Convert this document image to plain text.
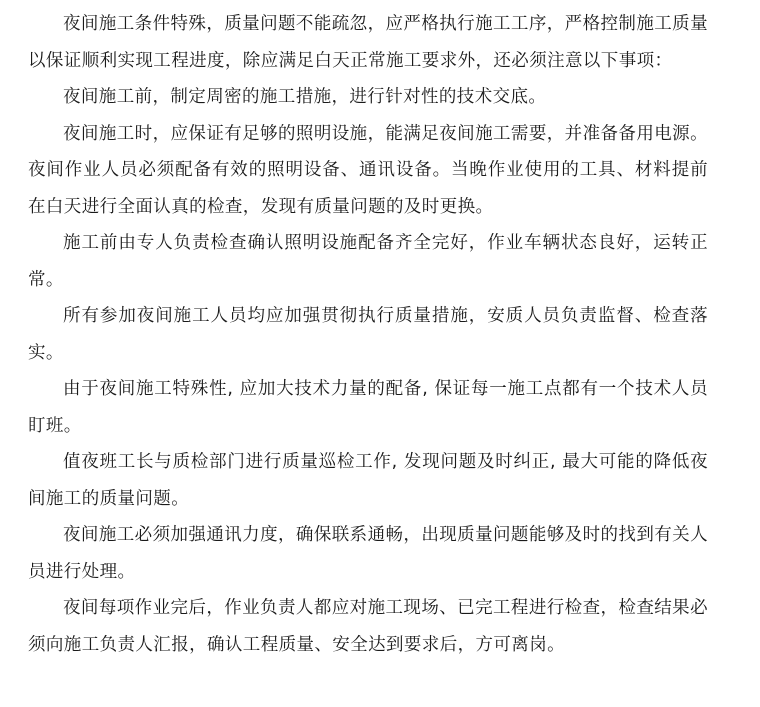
夜间施工条件特殊，质量问题不能疏忽，应严格执行施工工序，严格控制施工质量以保证顺利实现工程进度，除应满足白天正常施工要求外，还必须注意以下事项：

夜间施工前，制定周密的施工措施，进行针对性的技术交底。

夜间施工时，应保证有足够的照明设施，能满足夜间施工需要，并准备备用电源。夜间作业人员必须配备有效的照明设备、通讯设备。当晚作业使用的工具、材料提前在白天进行全面认真的检查，发现有质量问题的及时更换。

施工前由专人负责检查确认照明设施配备齐全完好，作业车辆状态良好，运转正常。

所有参加夜间施工人员均应加强贯彻执行质量措施，安质人员负责监督、检查落实。

由于夜间施工特殊性, 应加大技术力量的配备, 保证每一施工点都有一个技术人员盯班。

值夜班工长与质检部门进行质量巡检工作, 发现问题及时纠正, 最大可能的降低夜间施工的质量问题。

夜间施工必须加强通讯力度，确保联系通畅，出现质量问题能够及时的找到有关人员进行处理。

夜间每项作业完后，作业负责人都应对施工现场、已完工程进行检查，检查结果必须向施工负责人汇报，确认工程质量、安全达到要求后，方可离岗。
